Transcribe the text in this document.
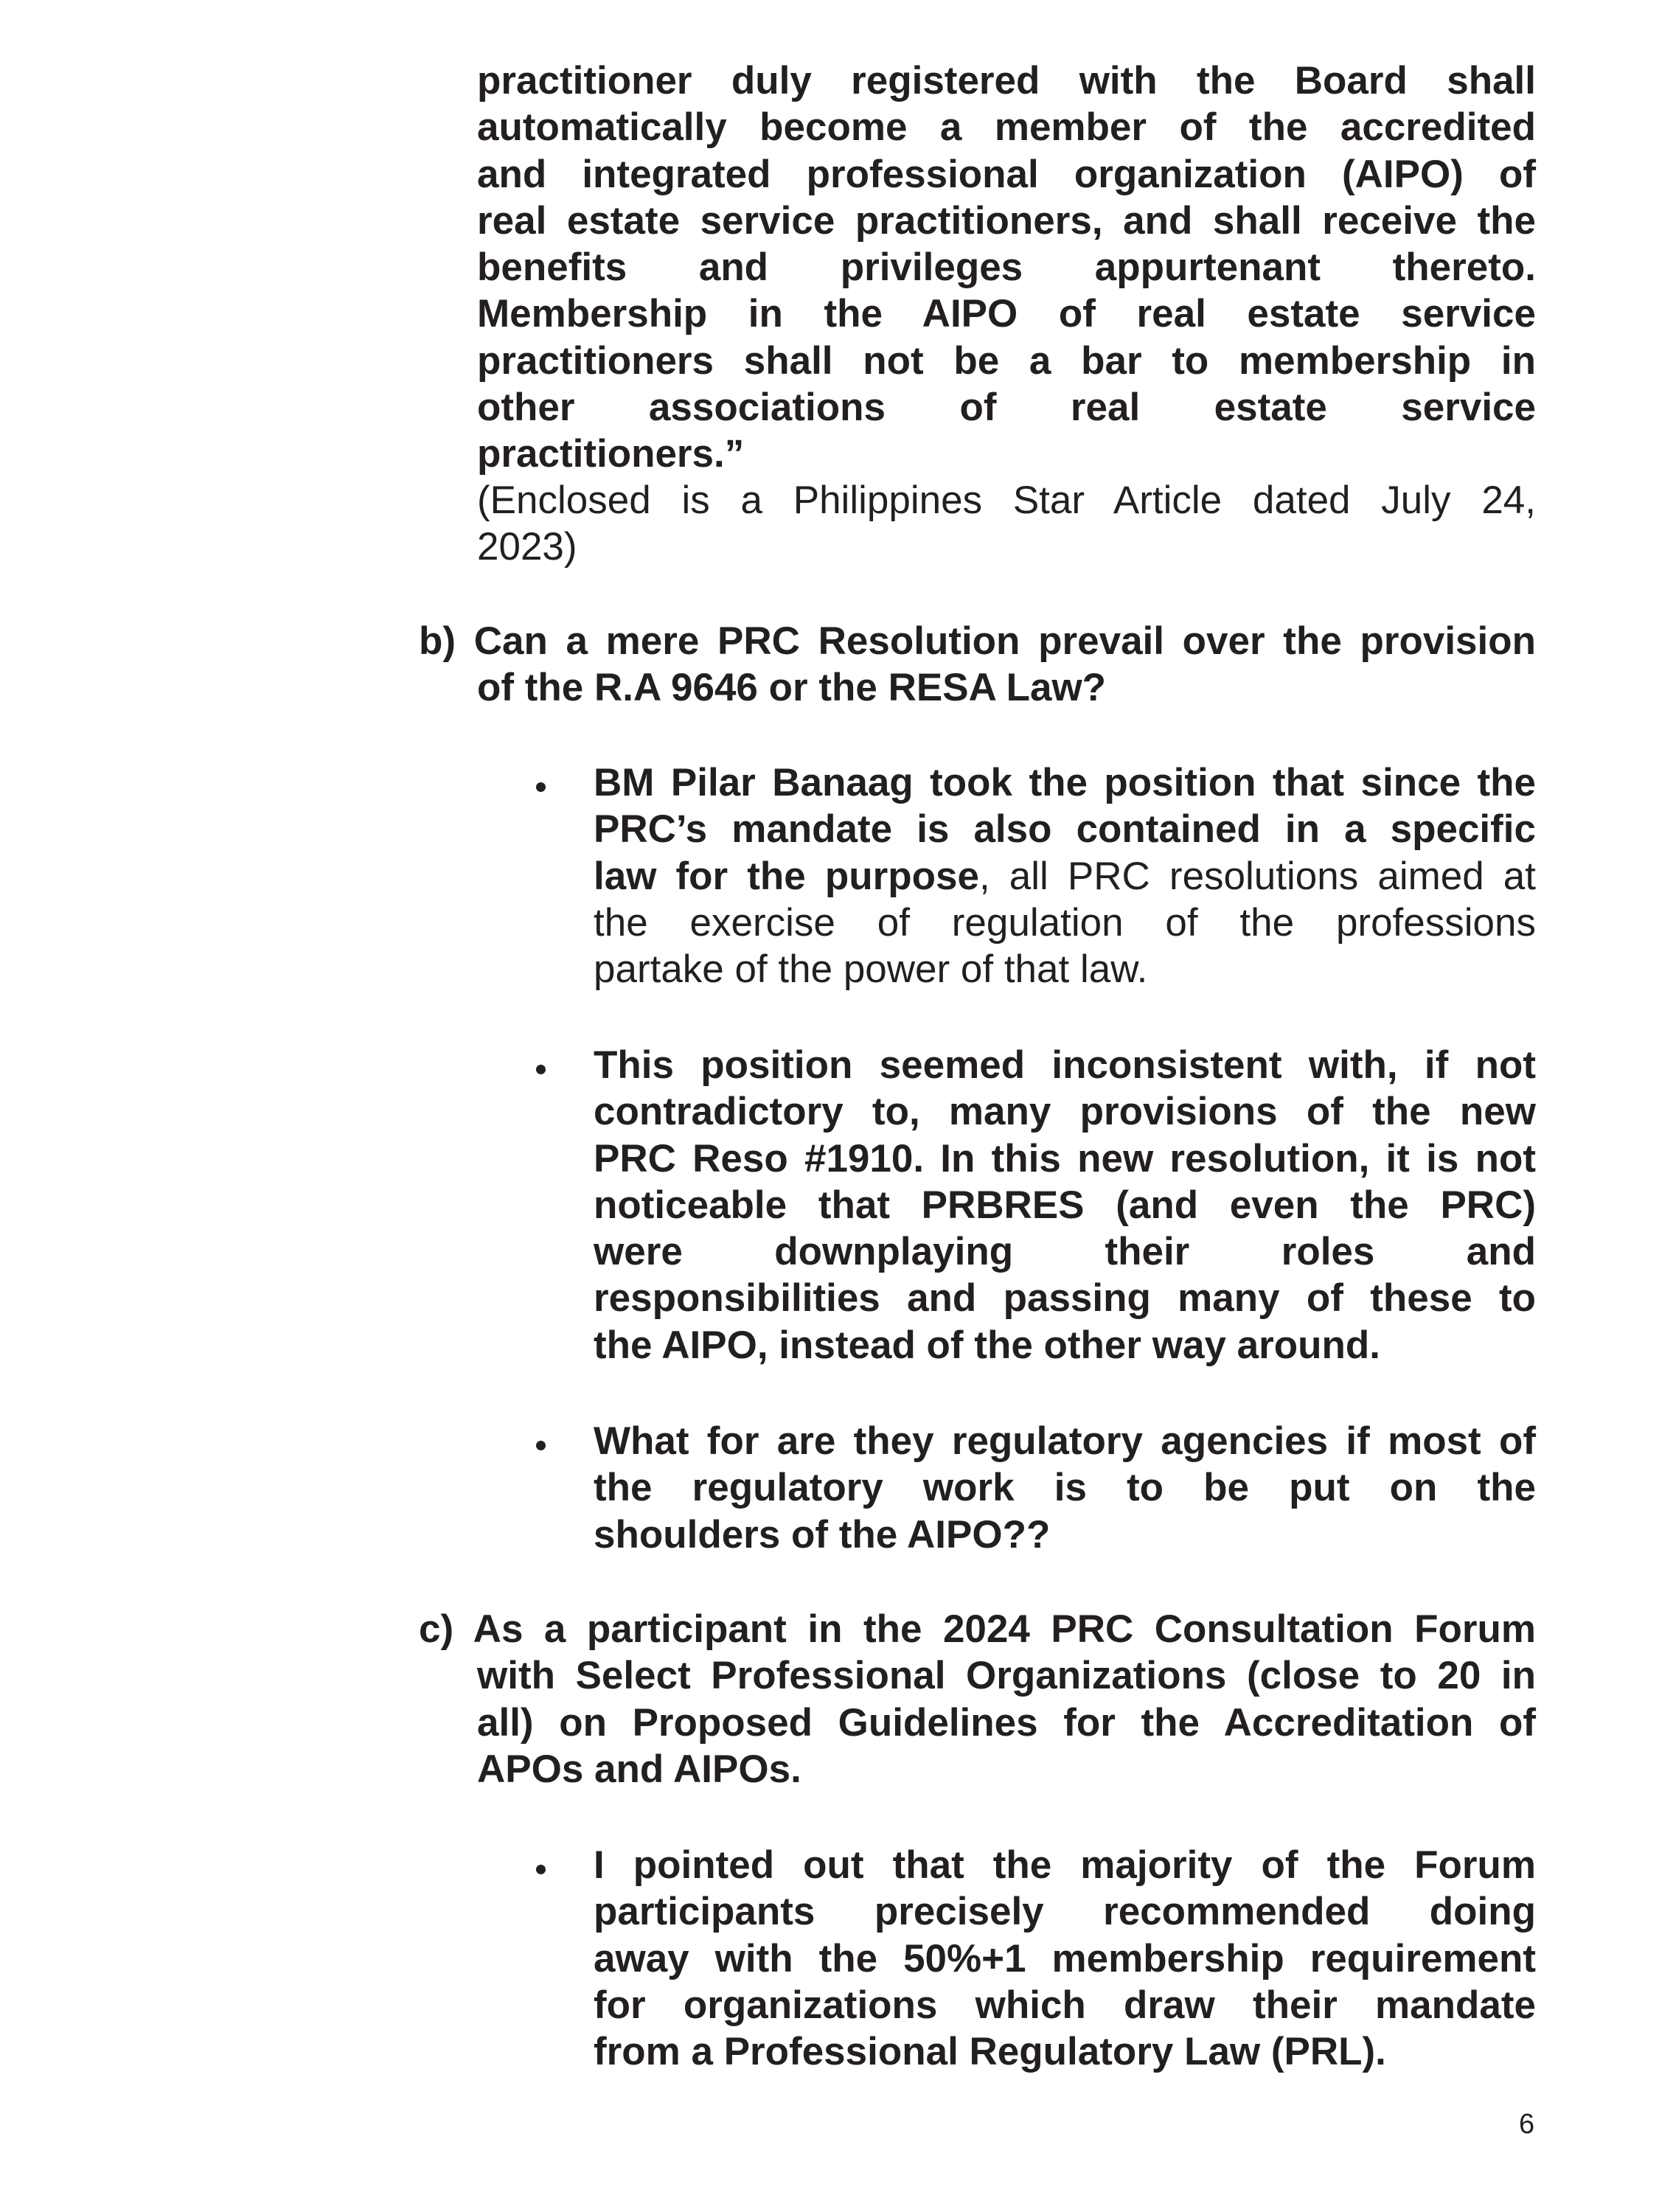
practitioner duly registered with the Board shall
automatically become a member of the accredited
and integrated professional organization (AIPO) of
real estate service practitioners, and shall receive the
benefits and privileges appurtenant thereto.
Membership in the AIPO of real estate service
practitioners shall not be a bar to membership in
other associations of real estate service
practitioners.”
(Enclosed is a Philippines Star Article dated July 24,
2023)
b) Can a mere PRC Resolution prevail over the provision
of the R.A 9646 or the RESA Law?
BM Pilar Banaag took the position that since the
PRC’s mandate is also contained in a specific
law for the purpose, all PRC resolutions aimed at
the exercise of regulation of the professions
partake of the power of that law.
This position seemed inconsistent with, if not
contradictory to, many provisions of the new
PRC Reso #1910. In this new resolution, it is not
noticeable that PRBRES (and even the PRC)
were downplaying their roles and
responsibilities and passing many of these to
the AIPO, instead of the other way around.
What for are they regulatory agencies if most of
the regulatory work is to be put on the
shoulders of the AIPO??
c) As a participant in the 2024 PRC Consultation Forum
with Select Professional Organizations (close to 20 in
all) on Proposed Guidelines for the Accreditation of
APOs and AIPOs.
I pointed out that the majority of the Forum
participants precisely recommended doing
away with the 50%+1 membership requirement
for organizations which draw their mandate
from a Professional Regulatory Law (PRL).
6
